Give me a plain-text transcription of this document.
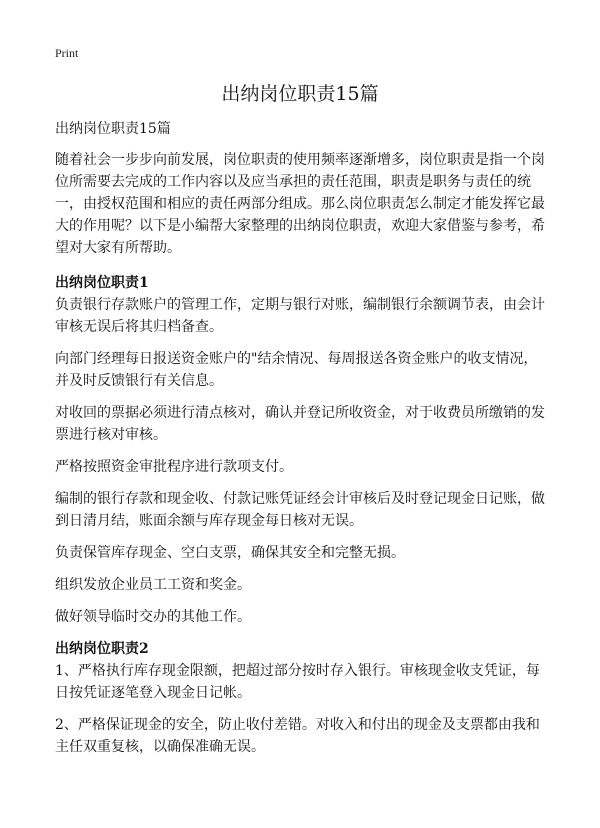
Print
出纳岗位职责15篇

出纳岗位职责15篇

随着社会一步步向前发展，岗位职责的使用频率逐渐增多，岗位职责是指一个岗位所需要去完成的工作内容以及应当承担的责任范围，职责是职务与责任的统一，由授权范围和相应的责任两部分组成。那么岗位职责怎么制定才能发挥它最大的作用呢？以下是小编帮大家整理的出纳岗位职责，欢迎大家借鉴与参考，希望对大家有所帮助。

出纳岗位职责1

负责银行存款账户的管理工作，定期与银行对账，编制银行余额调节表，由会计审核无误后将其归档备查。

向部门经理每日报送资金账户的"结余情况、每周报送各资金账户的收支情况，并及时反馈银行有关信息。

对收回的票据必须进行清点核对，确认并登记所收资金，对于收费员所缴销的发票进行核对审核。

严格按照资金审批程序进行款项支付。

编制的银行存款和现金收、付款记账凭证经会计审核后及时登记现金日记账，做到日清月结，账面余额与库存现金每日核对无误。

负责保管库存现金、空白支票，确保其安全和完整无损。

组织发放企业员工工资和奖金。

做好领导临时交办的其他工作。

出纳岗位职责2

1、严格执行库存现金限额，把超过部分按时存入银行。审核现金收支凭证，每日按凭证逐笔登入现金日记帐。

2、严格保证现金的安全，防止收付差错。对收入和付出的现金及支票都由我和主任双重复核，以确保准确无误。
